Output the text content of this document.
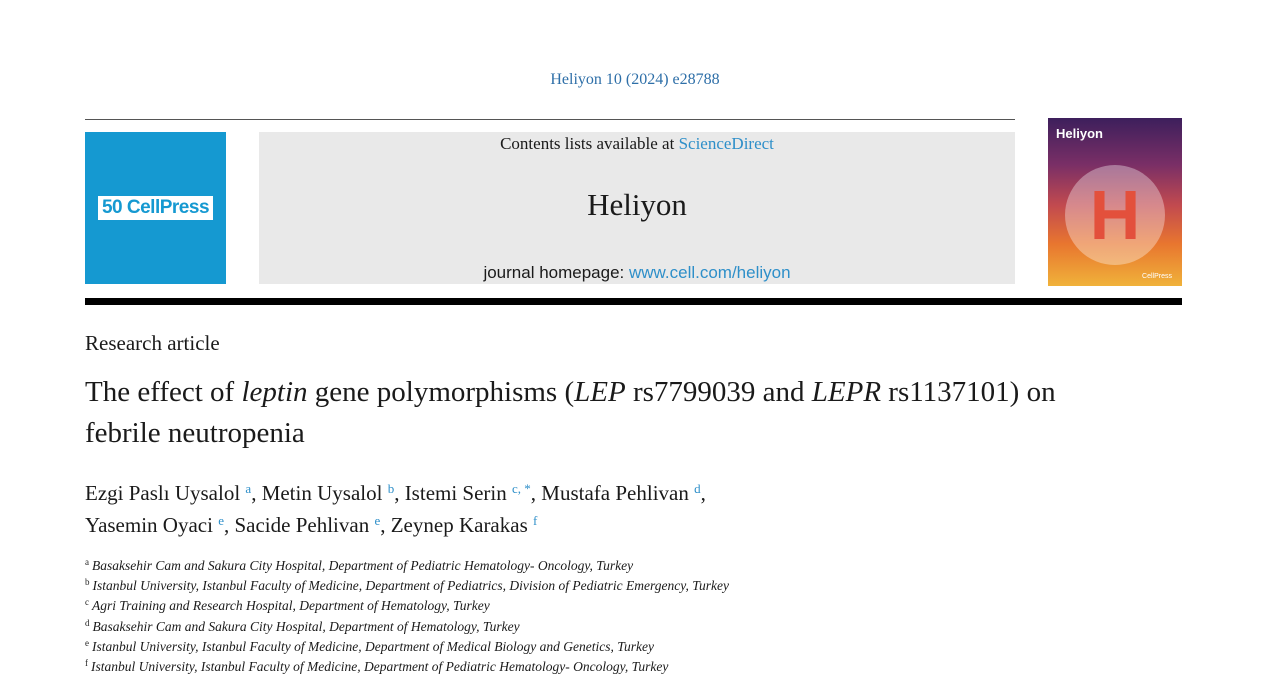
Heliyon 10 (2024) e28788
50 CellPress
Contents lists available at ScienceDirect
Heliyon
journal homepage: www.cell.com/heliyon
Heliyon
H
CellPress
Research article
The effect of leptin gene polymorphisms (LEP rs7799039 and LEPR rs1137101) on febrile neutropenia
Ezgi Paslı Uysalol $^a$, Metin Uysalol $^b$, Istemi Serin $^{c, *}$, Mustafa Pehlivan $^d$,
Yasemin Oyaci $^e$, Sacide Pehlivan $^e$, Zeynep Karakas $^f$
$^a$ Basaksehir Cam and Sakura City Hospital, Department of Pediatric Hematology- Oncology, Turkey
$^b$ Istanbul University, Istanbul Faculty of Medicine, Department of Pediatrics, Division of Pediatric Emergency, Turkey
$^c$ Agri Training and Research Hospital, Department of Hematology, Turkey
$^d$ Basaksehir Cam and Sakura City Hospital, Department of Hematology, Turkey
$^e$ Istanbul University, Istanbul Faculty of Medicine, Department of Medical Biology and Genetics, Turkey
$^f$ Istanbul University, Istanbul Faculty of Medicine, Department of Pediatric Hematology- Oncology, Turkey
